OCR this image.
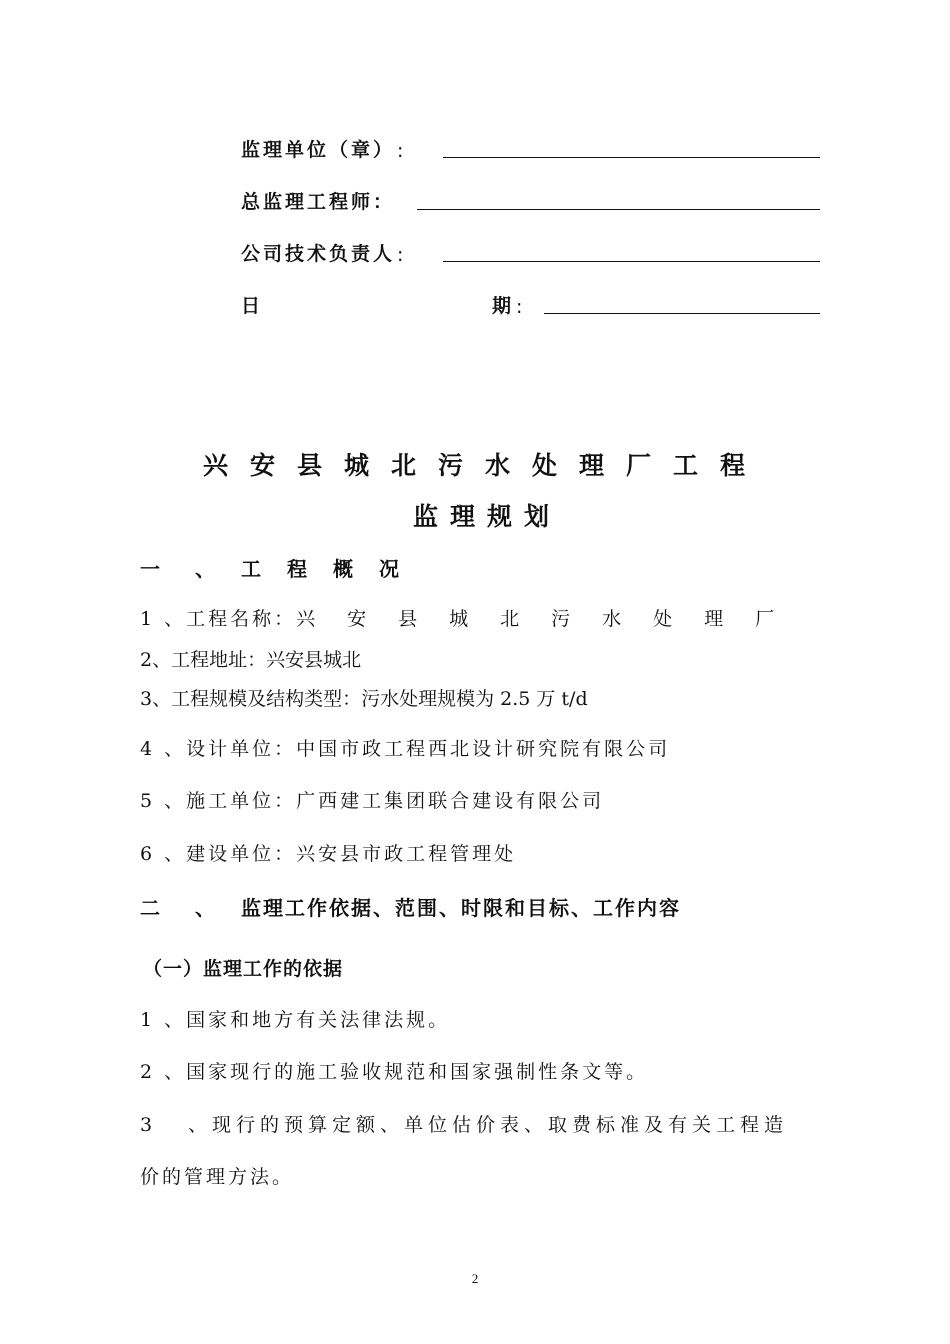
监理单位（章） :
总监理工程师：
公司技术负责人 :
日	期 :
兴安县城北污水处理厂工程
监理规划
一 、 工程概况
1 、工程名称：兴安县城北污水处理厂
2、工程地址：兴安县城北
3、工程规模及结构类型：污水处理规模为 2.5 万 t/d
4 、设计单位：中国市政工程西北设计研究院有限公司
5 、施工单位：广西建工集团联合建设有限公司
6 、建设单位：兴安县市政工程管理处
二 、 监理工作依据、范围、时限和目标、工作内容
（一）监理工作的依据
1 、国家和地方有关法律法规。
2 、国家现行的施工验收规范和国家强制性条文等。
3 、现行的预算定额、单位估价表、取费标准及有关工程造
价的管理方法。
2
